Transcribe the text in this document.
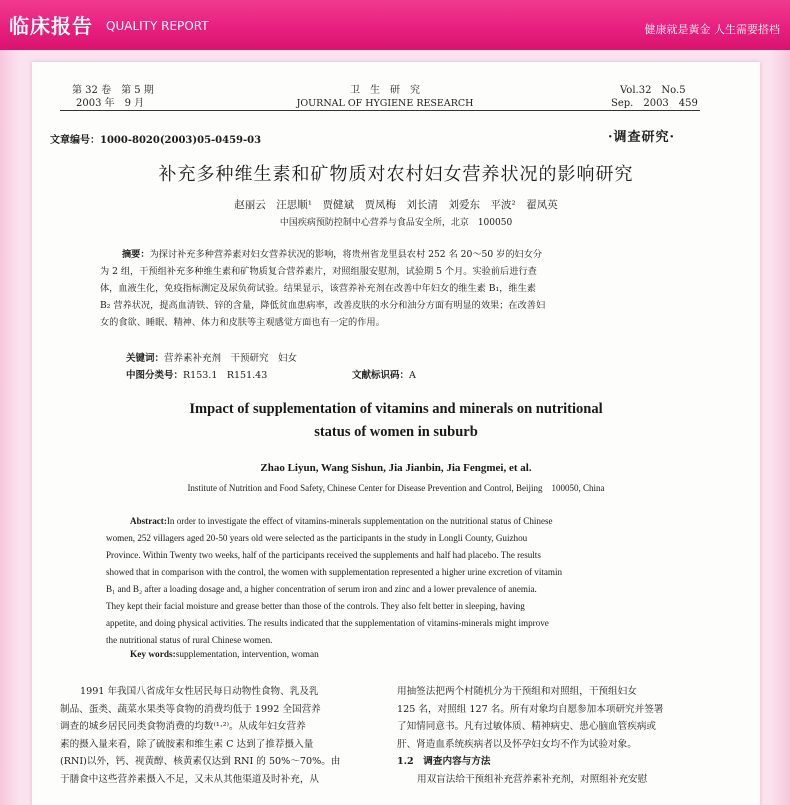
临床报告 QUALITY REPORT	健康就是黃金 人生需要搭档
第 32 卷　第 5 期
2003 年　9 月
卫　生　研　究
JOURNAL OF HYGIENE RESEARCH
Vol.32　No.5
Sep.　2003　459
文章编号：1000-8020(2003)05-0459-03	·调查研究·
补充多种维生素和矿物质对农村妇女营养状况的影响研究
赵丽云　汪思顺¹　贾健斌　贾凤梅　刘长清　刘爱东　平波²　翟凤英
中国疾病预防控制中心营养与食品安全所，北京　100050
摘要：为探讨补充多种营养素对妇女营养状况的影响，将贵州省龙里县农村 252 名 20～50 岁的妇女分
为 2 组，干预组补充多种维生素和矿物质复合营养素片，对照组服安慰剂，试验期 5 个月。实验前后进行查
体，血液生化，免疫指标测定及尿负荷试验。结果显示，该营养补充剂在改善中年妇女的维生素 B₁，维生素
B₂ 营养状况，提高血清铁、锌的含量，降低贫血患病率，改善皮肤的水分和油分方面有明显的效果；在改善妇
女的食欲、睡眠、精神、体力和皮肤等主观感觉方面也有一定的作用。
关键词：营养素补充剂　干预研究　妇女
中图分类号：R153.1　R151.43	文献标识码：A
Impact of supplementation of vitamins and minerals on nutritional
status of women in suburb
Zhao Liyun, Wang Sishun, Jia Jianbin, Jia Fengmei, et al.
Institute of Nutrition and Food Safety, Chinese Center for Disease Prevention and Control, Beijing　100050, China
Abstract:In order to investigate the effect of vitamins-minerals supplementation on the nutritional status of Chinese
women, 252 villagers aged 20-50 years old were selected as the participants in the study in Longli County, Guizhou
Province. Within Twenty two weeks, half of the participants received the supplements and half had placebo. The results
showed that in comparison with the control, the women with supplementation represented a higher urine excretion of vitamin
B₁ and B₂ after a loading dosage and, a higher concentration of serum iron and zinc and a lower prevalence of anemia.
They kept their facial moisture and grease better than those of the controls. They also felt better in sleeping, having
appetite, and doing physical activities. The results indicated that the supplementation of vitamins-minerals might improve
the nutritional status of rural Chinese women.
Key words:supplementation, intervention, woman
1991 年我国八省成年女性居民每日动物性食物、乳及乳
制品、蛋类、蔬菜水果类等食物的消费均低于 1992 全国营养
调查的城乡居民同类食物消费的均数⁽¹·²⁾。从成年妇女营养
素的摄入量来看，除了硫胺素和维生素 C 达到了推荐摄入量
(RNI)以外，钙、视黄醇、核黄素仅达到 RNI 的 50%～70%。由
于膳食中这些营养素摄入不足，又未从其他渠道及时补充，从
用抽签法把两个村随机分为干预组和对照组，干预组妇女
125 名，对照组 127 名。所有对象均自愿参加本项研究并签署
了知情同意书。凡有过敏体质、精神病史、患心脑血管疾病或
肝、肾造血系统疾病者以及怀孕妇女均不作为试验对象。
1.2　调查内容与方法
用双盲法给干预组补充营养素补充剂，对照组补充安慰
